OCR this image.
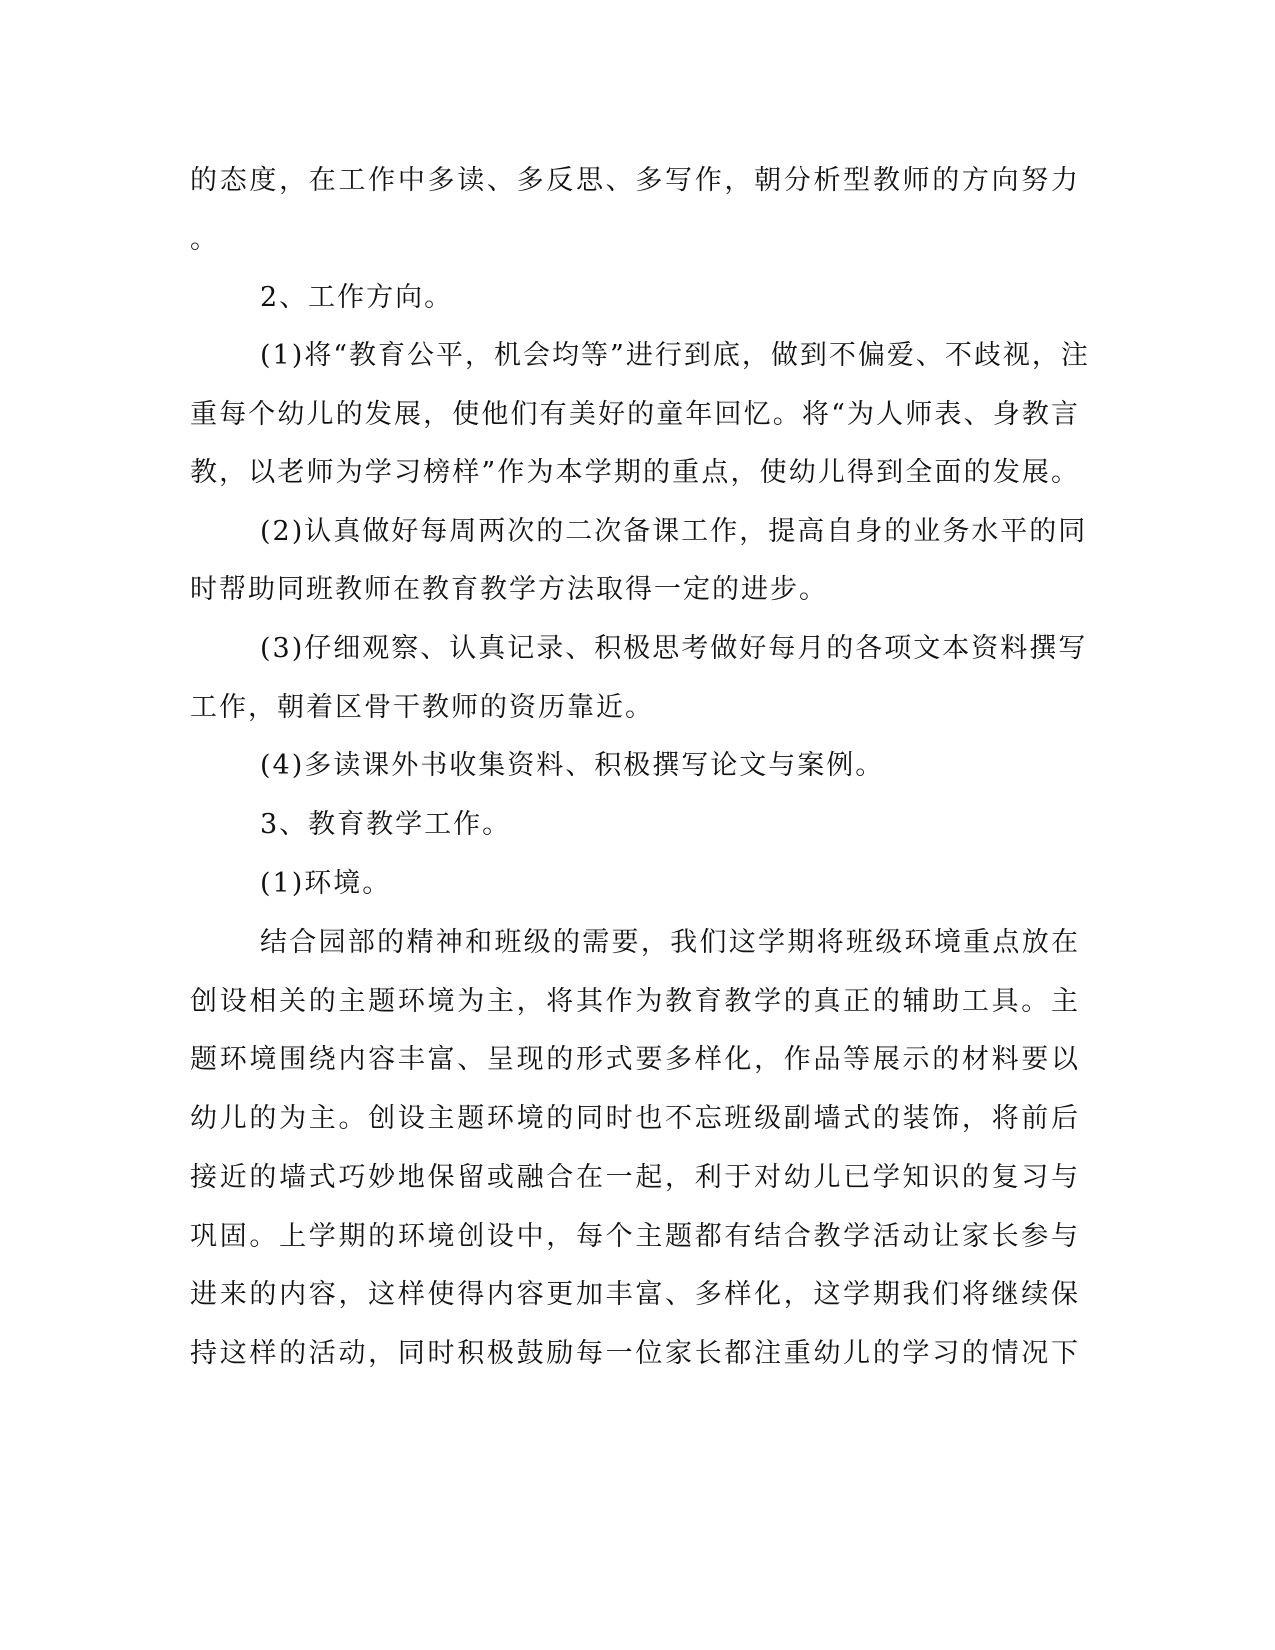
的态度，在工作中多读、多反思、多写作，朝分析型教师的方向努力
。
2、工作方向。
(1)将“教育公平，机会均等”进行到底，做到不偏爱、不歧视，注
重每个幼儿的发展，使他们有美好的童年回忆。将“为人师表、身教言
教，以老师为学习榜样”作为本学期的重点，使幼儿得到全面的发展。
(2)认真做好每周两次的二次备课工作，提高自身的业务水平的同
时帮助同班教师在教育教学方法取得一定的进步。
(3)仔细观察、认真记录、积极思考做好每月的各项文本资料撰写
工作，朝着区骨干教师的资历靠近。
(4)多读课外书收集资料、积极撰写论文与案例。
3、教育教学工作。
(1)环境。
结合园部的精神和班级的需要，我们这学期将班级环境重点放在
创设相关的主题环境为主，将其作为教育教学的真正的辅助工具。主
题环境围绕内容丰富、呈现的形式要多样化，作品等展示的材料要以
幼儿的为主。创设主题环境的同时也不忘班级副墙式的装饰，将前后
接近的墙式巧妙地保留或融合在一起，利于对幼儿已学知识的复习与
巩固。上学期的环境创设中，每个主题都有结合教学活动让家长参与
进来的内容，这样使得内容更加丰富、多样化，这学期我们将继续保
持这样的活动，同时积极鼓励每一位家长都注重幼儿的学习的情况下
